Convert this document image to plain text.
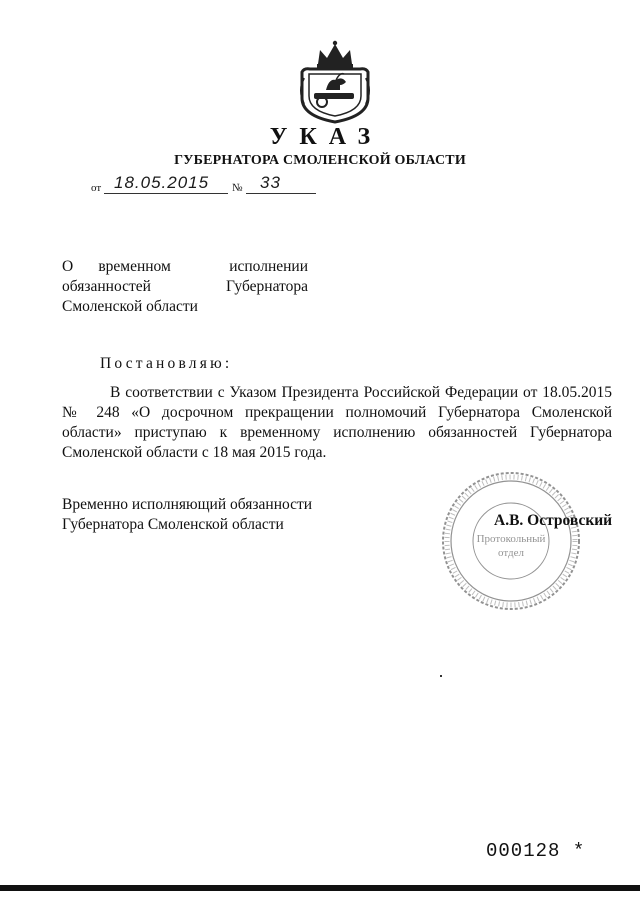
УКАЗ
ГУБЕРНАТОРА СМОЛЕНСКОЙ ОБЛАСТИ
от 18.05.2015 № 33
О	временном	исполнении
обязанностей		Губернатора
Смоленской области		
Постановляю:
В соответствии с Указом Президента Российской Федерации от 18.05.2015 № 248 «О досрочном прекращении полномочий Губернатора Смоленской области» приступаю к временному исполнению обязанностей Губернатора Смоленской области с 18 мая 2015 года.
Временно исполняющий обязанности
Губернатора Смоленской области
Протокольный
отдел
А.В. Островский
000128 *
